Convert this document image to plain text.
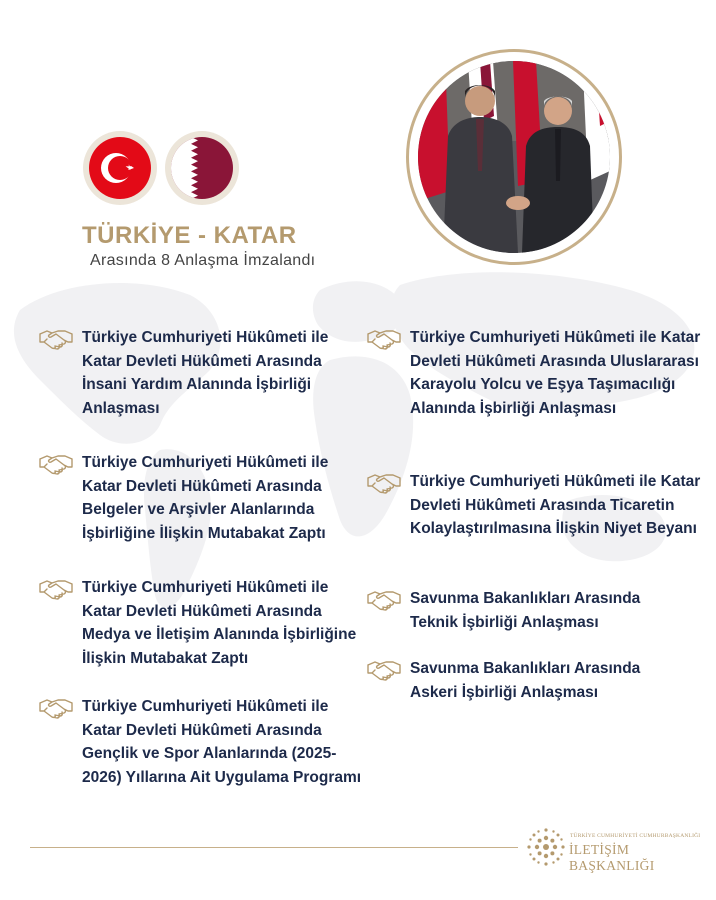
TÜRKİYE - KATAR
Arasında 8 Anlaşma İmzalandı
Türkiye Cumhuriyeti Hükûmeti ile Katar Devleti Hükûmeti Arasında İnsani Yardım Alanında İşbirliği Anlaşması
Türkiye Cumhuriyeti Hükûmeti ile Katar Devleti Hükûmeti Arasında Belgeler ve Arşivler Alanlarında İşbirliğine İlişkin Mutabakat Zaptı
Türkiye Cumhuriyeti Hükûmeti ile Katar Devleti Hükûmeti Arasında Medya ve İletişim Alanında İşbirliğine İlişkin Mutabakat Zaptı
Türkiye Cumhuriyeti Hükûmeti ile Katar Devleti Hükûmeti Arasında Gençlik ve Spor Alanlarında (2025-2026) Yıllarına Ait Uygulama Programı
Türkiye Cumhuriyeti Hükûmeti ile Katar Devleti Hükûmeti Arasında Uluslararası Karayolu Yolcu ve Eşya Taşımacılığı Alanında İşbirliği Anlaşması
Türkiye Cumhuriyeti Hükûmeti ile Katar Devleti Hükûmeti Arasında Ticaretin Kolaylaştırılmasına İlişkin Niyet Beyanı
Savunma Bakanlıkları Arasında Teknik İşbirliği Anlaşması
Savunma Bakanlıkları Arasında Askeri İşbirliği Anlaşması
TÜRKİYE CUMHURİYETİ CUMHURBAŞKANLIĞI
İLETİŞİM BAŞKANLIĞI
